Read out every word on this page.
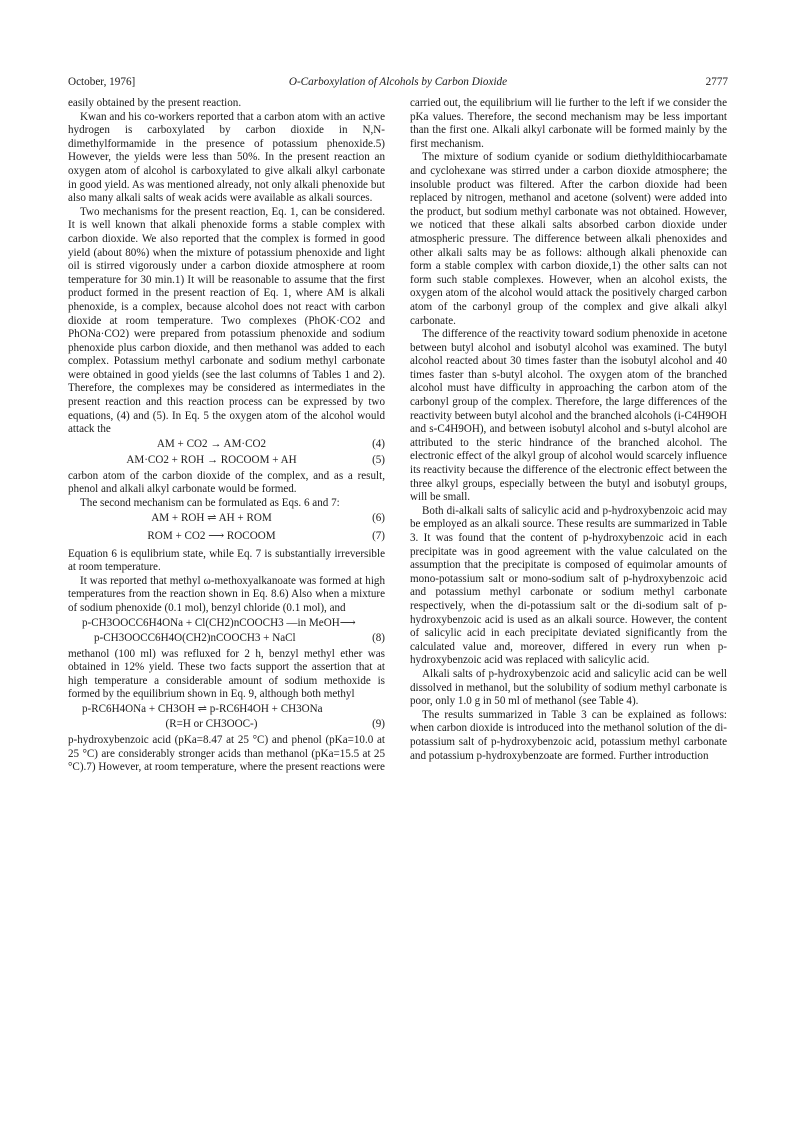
October, 1976]	O-Carboxylation of Alcohols by Carbon Dioxide	2777

easily obtained by the present reaction.

Kwan and his co-workers reported that a carbon atom with an active hydrogen is carboxylated by carbon dioxide in N,N-dimethylformamide in the presence of potassium phenoxide.5) However, the yields were less than 50%. In the present reaction an oxygen atom of alcohol is carboxylated to give alkali alkyl carbonate in good yield. As was mentioned already, not only alkali phenoxide but also many alkali salts of weak acids were available as alkali sources.

Two mechanisms for the present reaction, Eq. 1, can be considered. It is well known that alkali phenoxide forms a stable complex with carbon dioxide. We also reported that the complex is formed in good yield (about 80%) when the mixture of potassium phenoxide and light oil is stirred vigorously under a carbon dioxide atmosphere at room temperature for 30 min.1) It will be reasonable to assume that the first product formed in the present reaction of Eq. 1, where AM is alkali phenoxide, is a complex, because alcohol does not react with carbon dioxide at room temperature. Two complexes (PhOK·CO2 and PhONa·CO2) were prepared from potassium phenoxide and sodium phenoxide plus carbon dioxide, and then methanol was added to each complex. Potassium methyl carbonate and sodium methyl carbonate were obtained in good yields (see the last columns of Tables 1 and 2). Therefore, the complexes may be considered as intermediates in the present reaction and this reaction process can be expressed by two equations, (4) and (5). In Eq. 5 the oxygen atom of the alcohol would attack the

AM + CO2 → AM·CO2	(4)
AM·CO2 + ROH → ROCOOM + AH	(5)

carbon atom of the carbon dioxide of the complex, and as a result, phenol and alkali alkyl carbonate would be formed.

The second mechanism can be formulated as Eqs. 6 and 7:

AM + ROH ⇌ AH + ROM	(6)
ROM + CO2 ⟶ ROCOOM	(7)

Equation 6 is equlibrium state, while Eq. 7 is substantially irreversible at room temperature.

It was reported that methyl ω-methoxyalkanoate was formed at high temperatures from the reaction shown in Eq. 8.6) Also when a mixture of sodium phenoxide (0.1 mol), benzyl chloride (0.1 mol), and

p-CH3OOCC6H4ONa + Cl(CH2)nCOOCH3 —in MeOH⟶
p-CH3OOCC6H4O(CH2)nCOOCH3 + NaCl	(8)

methanol (100 ml) was refluxed for 2 h, benzyl methyl ether was obtained in 12% yield. These two facts support the assertion that at high temperature a considerable amount of sodium methoxide is formed by the equilibrium shown in Eq. 9, although both methyl

p-RC6H4ONa + CH3OH ⇌ p-RC6H4OH + CH3ONa
(R=H or CH3OOC-)	(9)

p-hydroxybenzoic acid (pKa=8.47 at 25 °C) and phenol (pKa=10.0 at 25 °C) are considerably stronger acids than methanol (pKa=15.5 at 25 °C).7) However, at room temperature, where the present reactions were

carried out, the equilibrium will lie further to the left if we consider the pKa values. Therefore, the second mechanism may be less important than the first one. Alkali alkyl carbonate will be formed mainly by the first mechanism.

The mixture of sodium cyanide or sodium diethyldithiocarbamate and cyclohexane was stirred under a carbon dioxide atmosphere; the insoluble product was filtered. After the carbon dioxide had been replaced by nitrogen, methanol and acetone (solvent) were added into the product, but sodium methyl carbonate was not obtained. However, we noticed that these alkali salts absorbed carbon dioxide under atmospheric pressure. The difference between alkali phenoxides and other alkali salts may be as follows: although alkali phenoxide can form a stable complex with carbon dioxide,1) the other salts can not form such stable complexes. However, when an alcohol exists, the oxygen atom of the alcohol would attack the positively charged carbon atom of the carbonyl group of the complex and give alkali alkyl carbonate.

The difference of the reactivity toward sodium phenoxide in acetone between butyl alcohol and isobutyl alcohol was examined. The butyl alcohol reacted about 30 times faster than the isobutyl alcohol and 40 times faster than s-butyl alcohol. The oxygen atom of the branched alcohol must have difficulty in approaching the carbon atom of the carbonyl group of the complex. Therefore, the large differences of the reactivity between butyl alcohol and the branched alcohols (i-C4H9OH and s-C4H9OH), and between isobutyl alcohol and s-butyl alcohol are attributed to the steric hindrance of the branched alcohol. The electronic effect of the alkyl group of alcohol would scarcely influence its reactivity because the difference of the electronic effect between the three alkyl groups, especially between the butyl and isobutyl groups, will be small.

Both di-alkali salts of salicylic acid and p-hydroxybenzoic acid may be employed as an alkali source. These results are summarized in Table 3. It was found that the content of p-hydroxybenzoic acid in each precipitate was in good agreement with the value calculated on the assumption that the precipitate is composed of equimolar amounts of mono-potassium salt or mono-sodium salt of p-hydroxybenzoic acid and potassium methyl carbonate or sodium methyl carbonate respectively, when the di-potassium salt or the di-sodium salt of p-hydroxybenzoic acid is used as an alkali source. However, the content of salicylic acid in each precipitate deviated significantly from the calculated value and, moreover, differed in every run when p-hydroxybenzoic acid was replaced with salicylic acid.

Alkali salts of p-hydroxybenzoic acid and salicylic acid can be well dissolved in methanol, but the solubility of sodium methyl carbonate is poor, only 1.0 g in 50 ml of methanol (see Table 4).

The results summarized in Table 3 can be explained as follows: when carbon dioxide is introduced into the methanol solution of the di-potassium salt of p-hydroxybenzoic acid, potassium methyl carbonate and potassium p-hydroxybenzoate are formed. Further introduction
